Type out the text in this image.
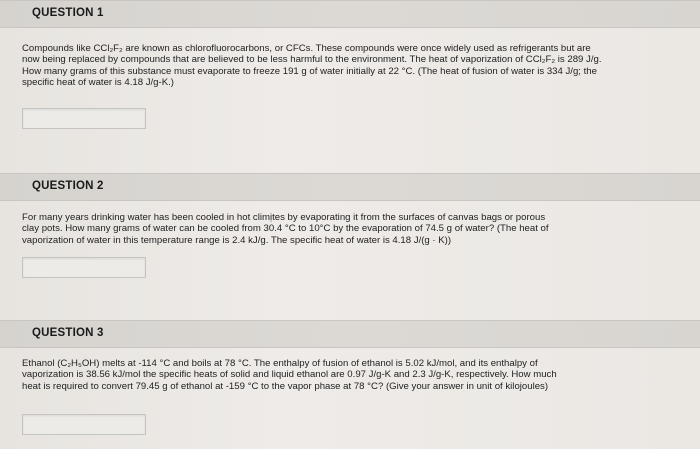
QUESTION 1

Compounds like CCl₂F₂ are known as chlorofluorocarbons, or CFCs. These compounds were once widely used as refrigerants but are

now being replaced by compounds that are believed to be less harmful to the environment. The heat of vaporization of CCl₂F₂ is 289 J/g.

How many grams of this substance must evaporate to freeze 191 g of water initially at 22 °C. (The heat of fusion of water is 334 J/g; the

specific heat of water is 4.18 J/g-K.)

QUESTION 2

For many years drinking water has been cooled in hot climịtes by evaporating it from the surfaces of canvas bags or porous

clay pots. How many grams of water can be cooled from 30.4 °C to 10°C by the evaporation of 74.5 g of water? (The heat of

vaporization of water in this temperature range is 2.4 kJ/g. The specific heat of water is 4.18 J/(g · K))

QUESTION 3

Ethanol (C₂H₅OH) melts at -114 °C and boils at 78 °C. The enthalpy of fusion of ethanol is 5.02 kJ/mol, and its enthalpy of

vaporization is 38.56 kJ/mol the specific heats of solid and liquid ethanol are 0.97 J/g-K and 2.3 J/g-K, respectively. How much

heat is required to convert 79.45 g of ethanol at -159 °C to the vapor phase at 78 °C? (Give your answer in unit of kilojoules)
